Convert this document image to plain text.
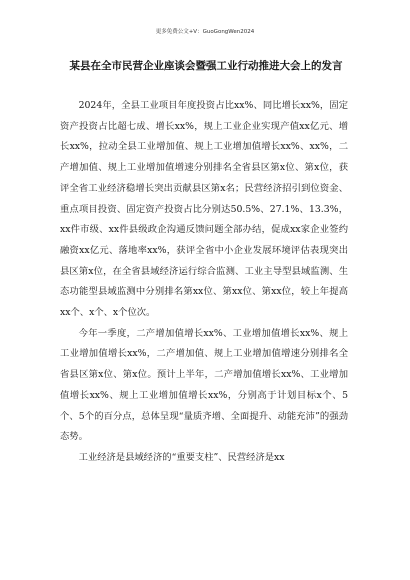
更多免费公文+V：GuoGongWen2024
某县在全市民营企业座谈会暨强工业行动推进大会上的发言

2024年，全县工业项目年度投资占比xx%、同比增长xx%，固定资产投资占比超七成、增长xx%，规上工业企业实现产值xx亿元、增长xx%，拉动全县工业增加值、规上工业增加值增长xx%、xx%，二产增加值、规上工业增加值增速分别排名全省县区第x位、第x位，获评全省工业经济稳增长突出贡献县区第x名；民营经济招引到位资金、重点项目投资、固定资产投资占比分别达50.5%、27.1%、13.3%，xx件市级、xx件县级政企沟通反馈问题全部办结，促成xx家企业签约融资xx亿元、落地率xx%，获评全省中小企业发展环境评估表现突出县区第x位，在全省县域经济运行综合监测、工业主导型县域监测、生态功能型县域监测中分别排名第xx位、第xx位、第xx位，较上年提高xx个、x个、x个位次。

今年一季度，二产增加值增长xx%、工业增加值增长xx%、规上工业增加值增长xx%，二产增加值、规上工业增加值增速分别排名全省县区第x位、第x位。预计上半年，二产增加值增长xx%、工业增加值增长xx%、规上工业增加值增长xx%，分别高于计划目标x个、5个、5个的百分点，总体呈现“量质齐增、全面提升、动能充沛”的强劲态势。

工业经济是县域经济的“重要支柱”、民营经济是xx
